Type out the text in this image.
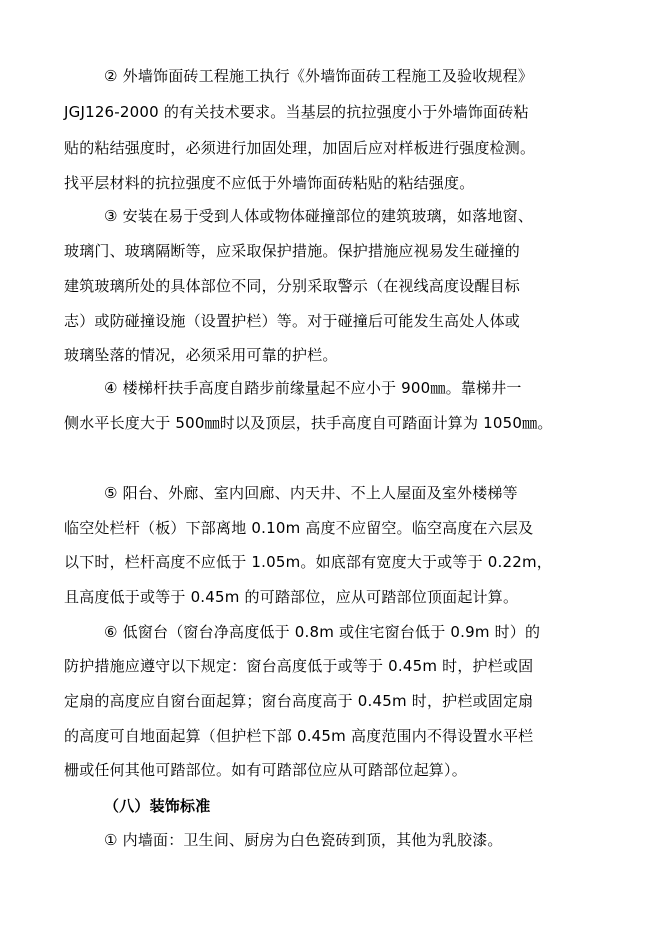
② 外墙饰面砖工程施工执行《外墙饰面砖工程施工及验收规程》
JGJ126-2000 的有关技术要求。当基层的抗拉强度小于外墙饰面砖粘
贴的粘结强度时，必须进行加固处理，加固后应对样板进行强度检测。
找平层材料的抗拉强度不应低于外墙饰面砖粘贴的粘结强度。
③ 安装在易于受到人体或物体碰撞部位的建筑玻璃，如落地窗、
玻璃门、玻璃隔断等，应采取保护措施。保护措施应视易发生碰撞的
建筑玻璃所处的具体部位不同，分别采取警示（在视线高度设醒目标
志）或防碰撞设施（设置护栏）等。对于碰撞后可能发生高处人体或
玻璃坠落的情况，必须采用可靠的护栏。
④ 楼梯杆扶手高度自踏步前缘量起不应小于 900㎜。靠梯井一
侧水平长度大于 500㎜时以及顶层，扶手高度自可踏面计算为 1050㎜。
⑤ 阳台、外廊、室内回廊、内天井、不上人屋面及室外楼梯等
临空处栏杆（板）下部离地 0.10m 高度不应留空。临空高度在六层及
以下时，栏杆高度不应低于 1.05m。如底部有宽度大于或等于 0.22m，
且高度低于或等于 0.45m 的可踏部位，应从可踏部位顶面起计算。
⑥ 低窗台（窗台净高度低于 0.8m 或住宅窗台低于 0.9m 时）的
防护措施应遵守以下规定：窗台高度低于或等于 0.45m 时，护栏或固
定扇的高度应自窗台面起算；窗台高度高于 0.45m 时，护栏或固定扇
的高度可自地面起算（但护栏下部 0.45m 高度范围内不得设置水平栏
栅或任何其他可踏部位。如有可踏部位应从可踏部位起算）。
（八）装饰标准
① 内墙面：卫生间、厨房为白色瓷砖到顶，其他为乳胶漆。
